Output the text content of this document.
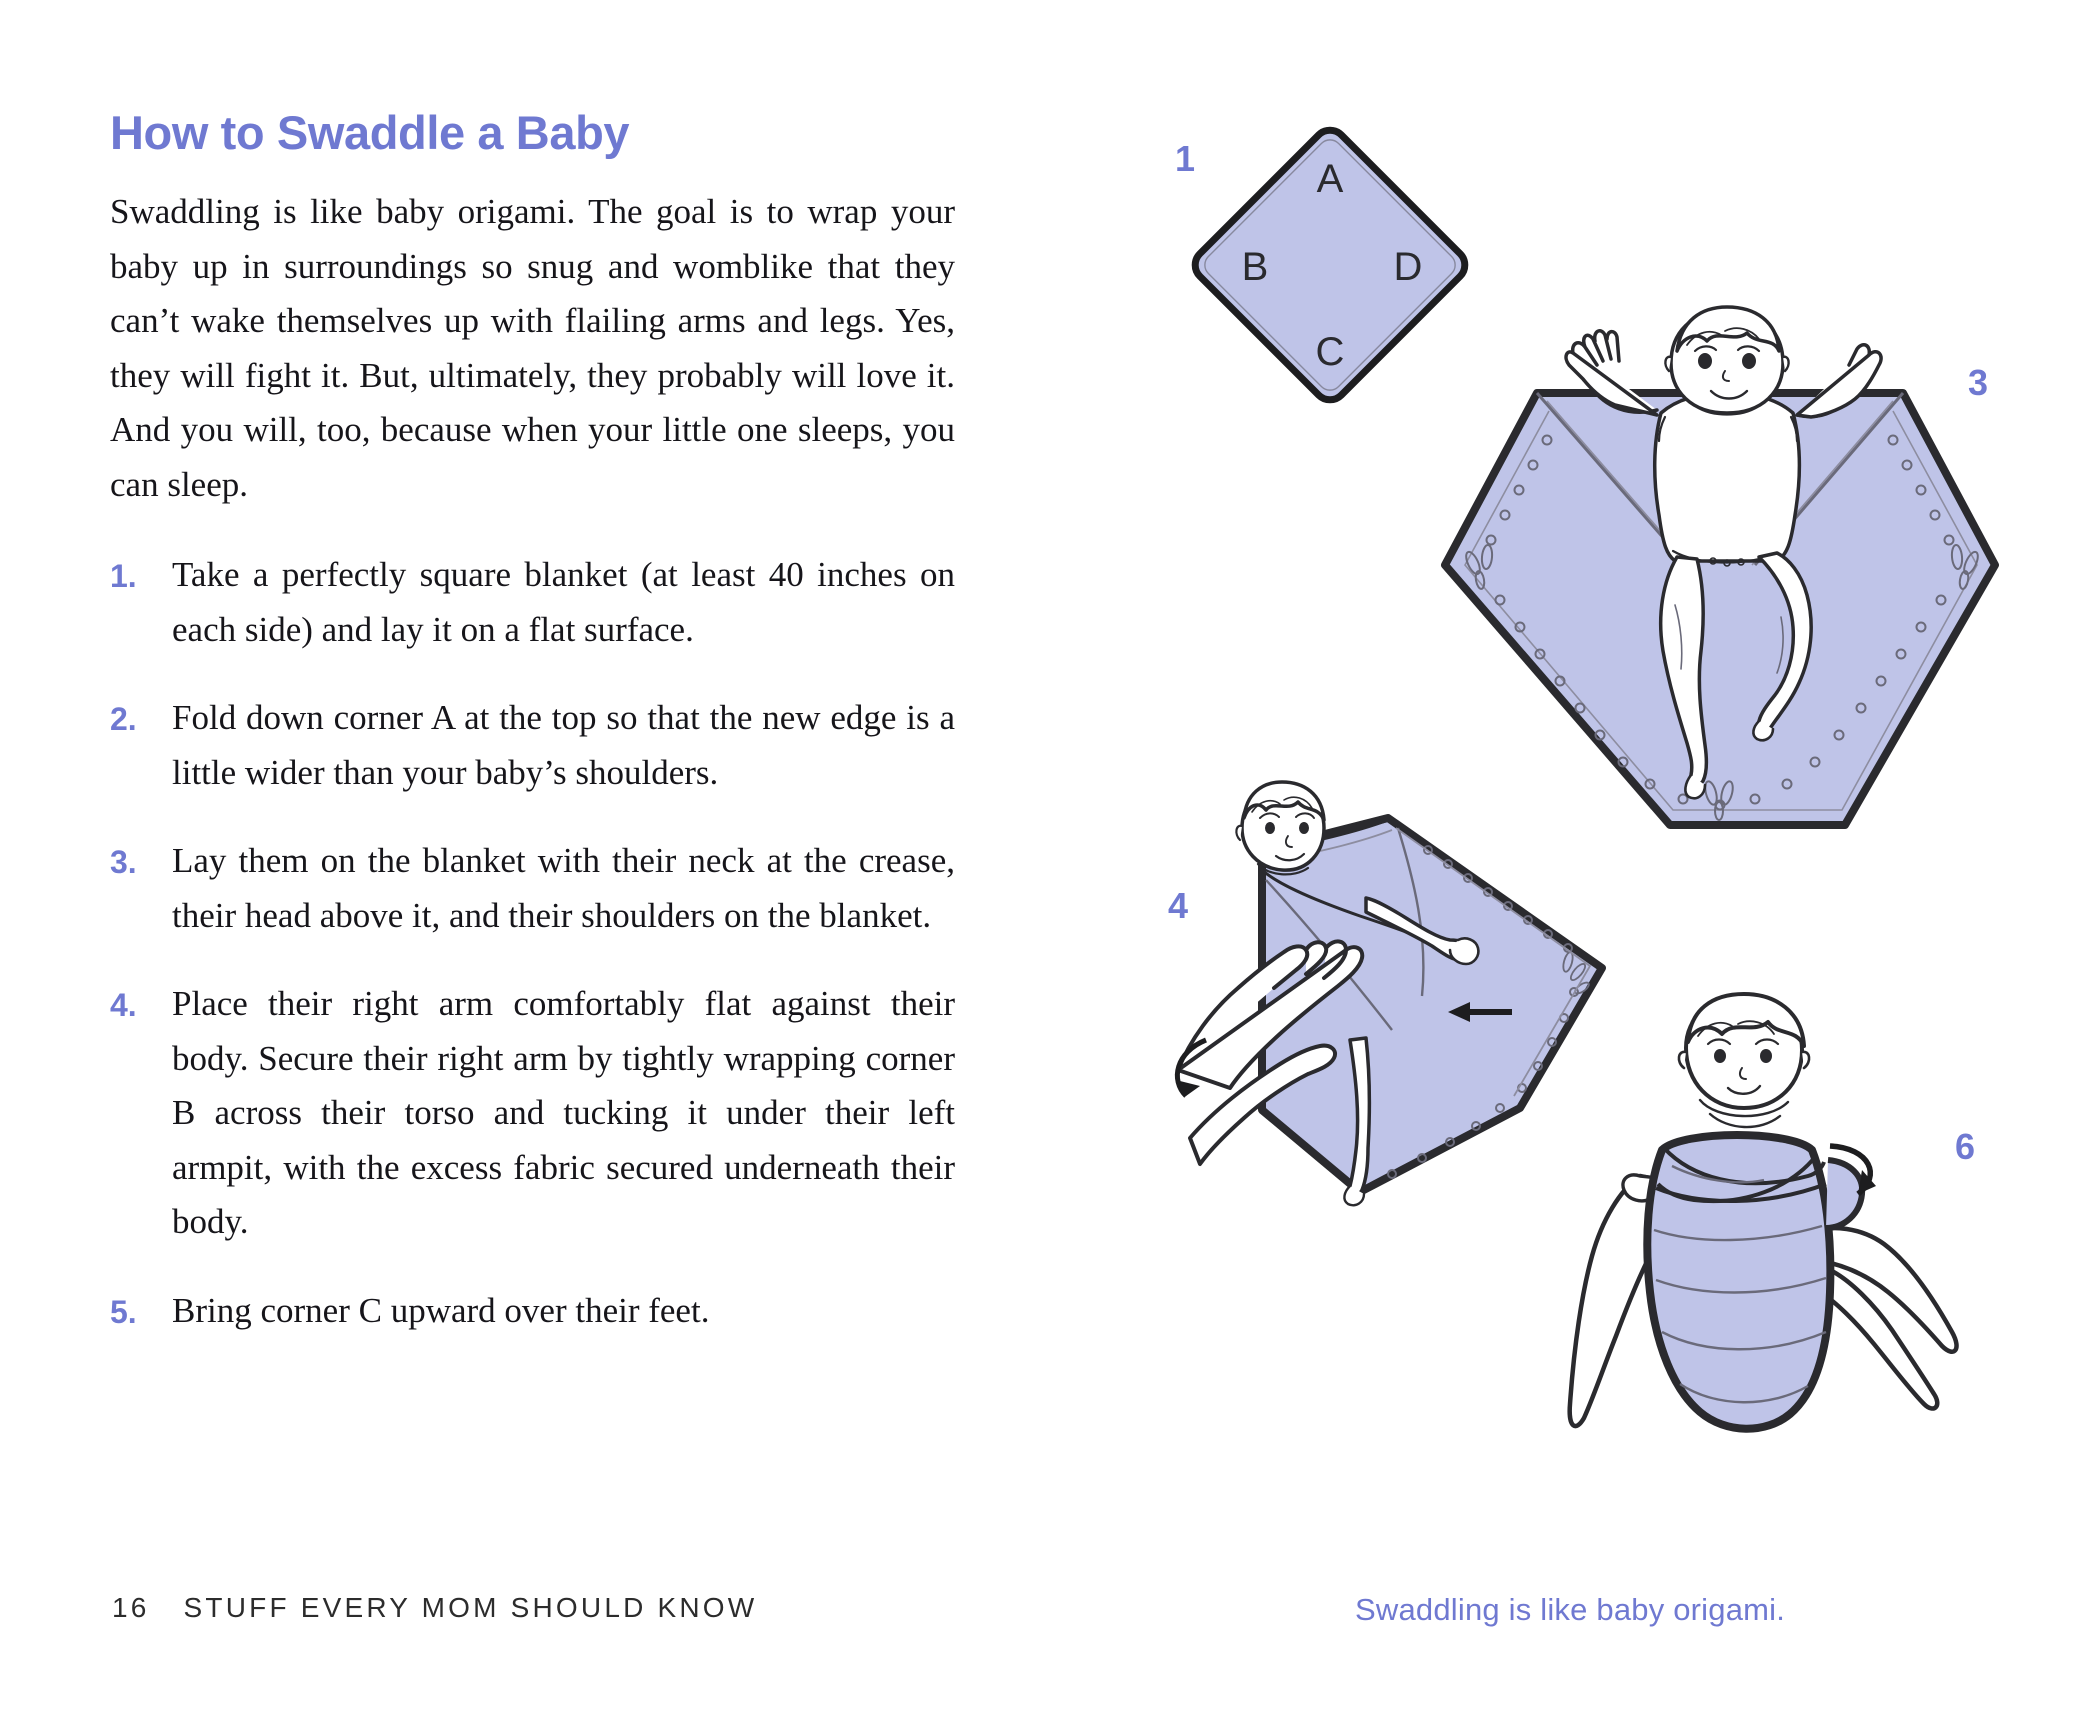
How to Swaddle a Baby

Swaddling is like baby origami. The goal is to wrap your baby up in surroundings so snug and womblike that they can’t wake themselves up with flailing arms and legs. Yes, they will fight it. But, ultimately, they probably will love it. And you will, too, because when your little one sleeps, you can sleep.

1.	Take a perfectly square blanket (at least 40 inches on each side) and lay it on a flat surface.
2.	Fold down corner A at the top so that the new edge is a little wider than your baby’s shoulders.
3.	Lay them on the blanket with their neck at the crease, their head above it, and their shoulders on the blanket.
4.	Place their right arm comfortably flat against their body. Secure their right arm by tightly wrapping corner B across their torso and tucking it under their left armpit, with the excess fabric secured underneath their body.
5.	Bring corner C upward over their feet.
16 STUFF EVERY MOM SHOULD KNOW	Swaddling is like baby origami.
1
3
4
6
A
B
C
D
